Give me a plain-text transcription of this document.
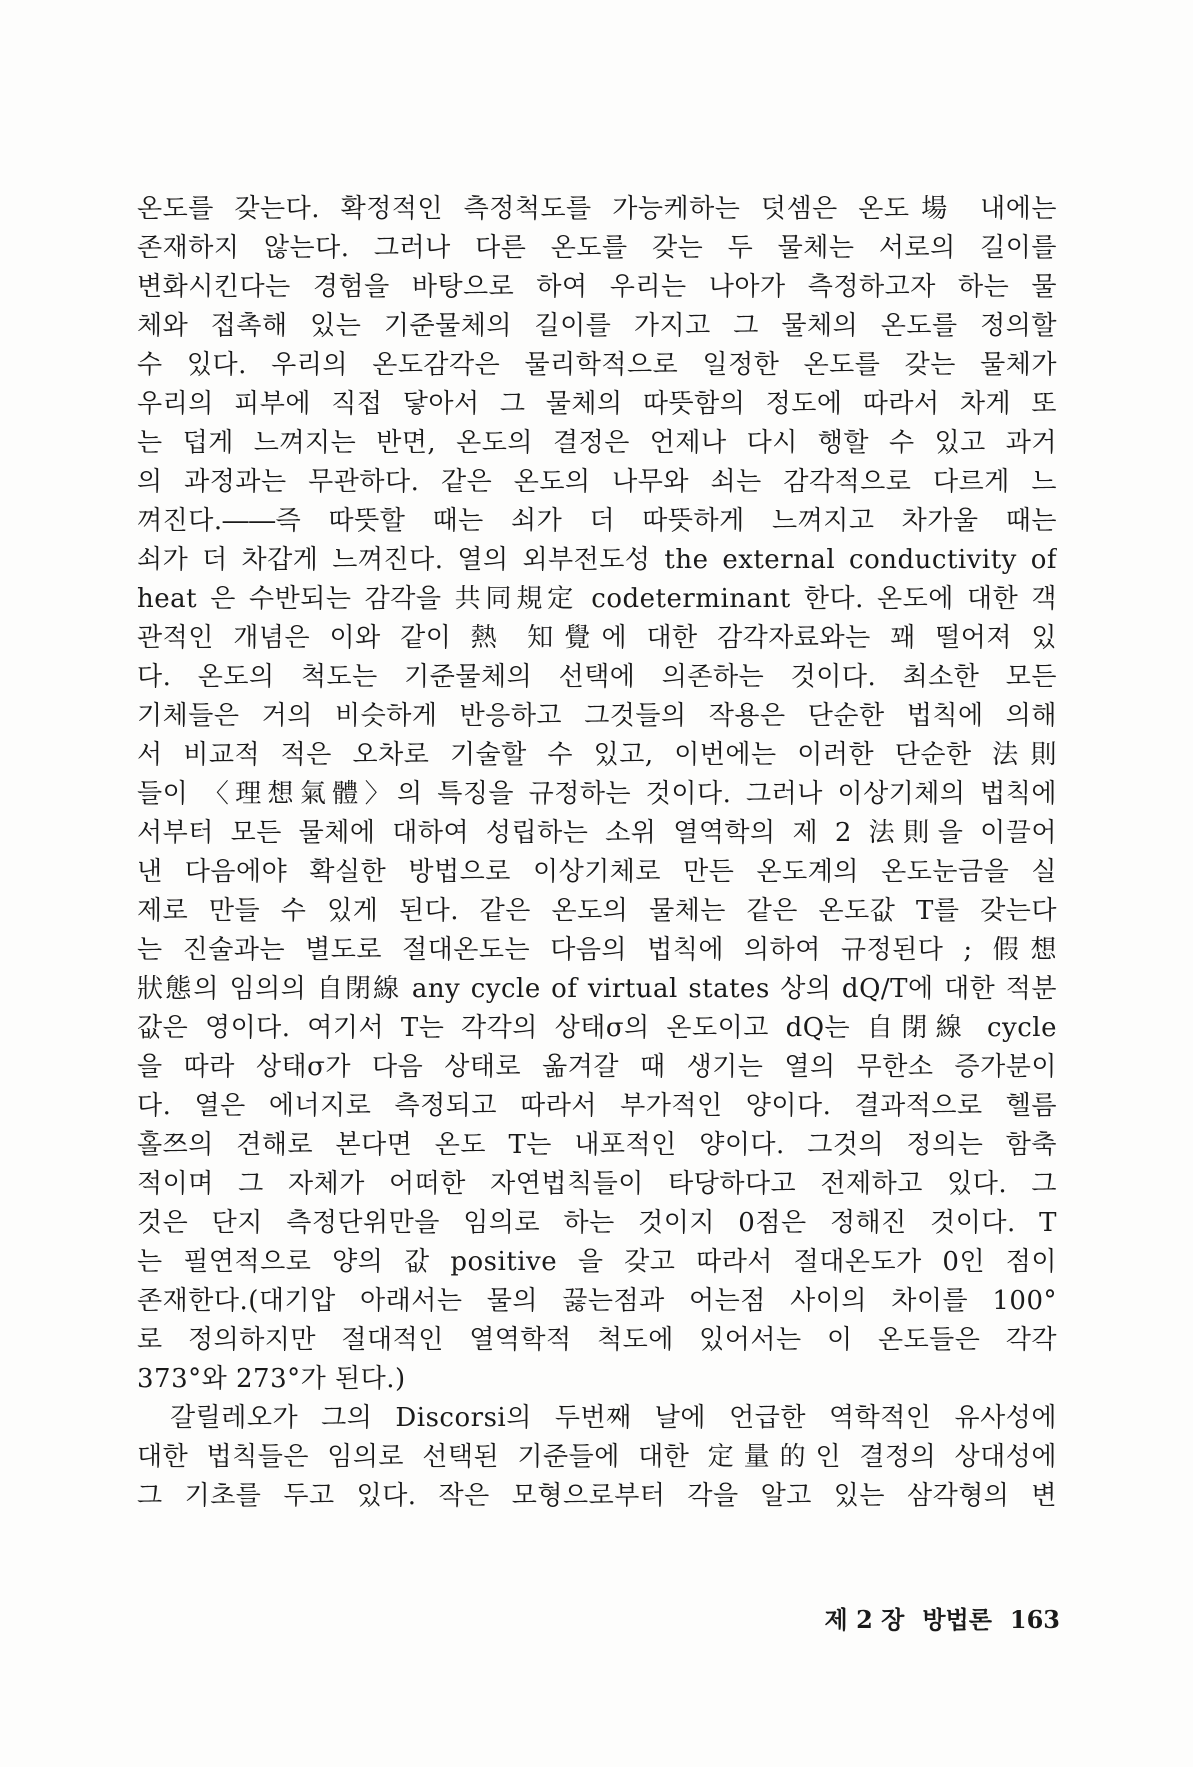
온도를 갖는다. 확정적인 측정척도를 가능케하는 덧셈은 온도場 내에는
존재하지 않는다. 그러나 다른 온도를 갖는 두 물체는 서로의 길이를
변화시킨다는 경험을 바탕으로 하여 우리는 나아가 측정하고자 하는 물
체와 접촉해 있는 기준물체의 길이를 가지고 그 물체의 온도를 정의할
수 있다. 우리의 온도감각은 물리학적으로 일정한 온도를 갖는 물체가
우리의 피부에 직접 닿아서 그 물체의 따뜻함의 정도에 따라서 차게 또
는 덥게 느껴지는 반면, 온도의 결정은 언제나 다시 행할 수 있고 과거
의 과정과는 무관하다. 같은 온도의 나무와 쇠는 감각적으로 다르게 느
껴진다.――즉 따뜻할 때는 쇠가 더 따뜻하게 느껴지고 차가울 때는
쇠가 더 차갑게 느껴진다. 열의 외부전도성 the external conductivity of
heat 은 수반되는 감각을 共同規定 codeterminant 한다. 온도에 대한 객
관적인 개념은 이와 같이 熱 知覺에 대한 감각자료와는 꽤 떨어져 있
다. 온도의 척도는 기준물체의 선택에 의존하는 것이다. 최소한 모든
기체들은 거의 비슷하게 반응하고 그것들의 작용은 단순한 법칙에 의해
서 비교적 적은 오차로 기술할 수 있고, 이번에는 이러한 단순한 法則
들이 〈理想氣體〉의 특징을 규정하는 것이다. 그러나 이상기체의 법칙에
서부터 모든 물체에 대하여 성립하는 소위 열역학의 제 2 法則을 이끌어
낸 다음에야 확실한 방법으로 이상기체로 만든 온도계의 온도눈금을 실
제로 만들 수 있게 된다. 같은 온도의 물체는 같은 온도값 T를 갖는다
는 진술과는 별도로 절대온도는 다음의 법칙에 의하여 규정된다 ; 假想
狀態의 임의의 自閉線 any cycle of virtual states 상의 dQ/T에 대한 적분
값은 영이다. 여기서 T는 각각의 상태σ의 온도이고 dQ는 自閉線 cycle
을 따라 상태σ가 다음 상태로 옮겨갈 때 생기는 열의 무한소 증가분이
다. 열은 에너지로 측정되고 따라서 부가적인 양이다. 결과적으로 헬름
홀쯔의 견해로 본다면 온도 T는 내포적인 양이다. 그것의 정의는 함축
적이며 그 자체가 어떠한 자연법칙들이 타당하다고 전제하고 있다. 그
것은 단지 측정단위만을 임의로 하는 것이지 0점은 정해진 것이다. T
는 필연적으로 양의 값 positive 을 갖고 따라서 절대온도가 0인 점이
존재한다.(대기압 아래서는 물의 끓는점과 어는점 사이의 차이를 100°
로 정의하지만 절대적인 열역학적 척도에 있어서는 이 온도들은 각각
373°와 273°가 된다.)
갈릴레오가 그의 Discorsi의 두번째 날에 언급한 역학적인 유사성에
대한 법칙들은 임의로 선택된 기준들에 대한 定量的인 결정의 상대성에
그 기초를 두고 있다. 작은 모형으로부터 각을 알고 있는 삼각형의 변
제 2 장 방법론 163
